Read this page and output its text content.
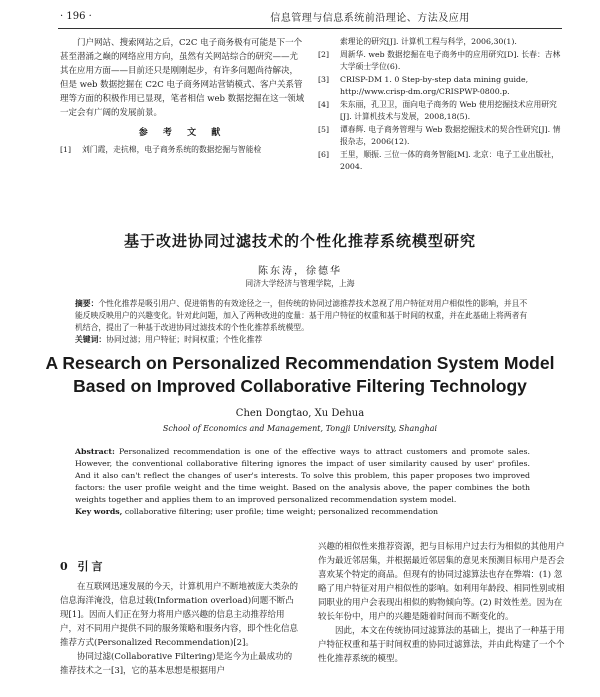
· 196 ·	信息管理与信息系统前沿理论、方法及应用

门户网站、搜索网站之后，C2C 电子商务极有可能是下一个甚至潜涌之巅的网络应用方向，虽然有关网站综合的研究——尤其在应用方面——目前还只是刚刚起步，有许多问题尚待解决，但是 web 数据挖掘在 C2C 电子商务网站营销模式、客户关系管理等方面的积极作用已显现，笔者相信 web 数据挖掘在这一领域一定会有广阔的发展前景。

参 考 文 献
[1]	刘门霞，走抗棉，电子商务系统的数据挖掘与智能检
索理论的研究[J]. 计算机工程与科学，2006,30(1).
[2]	周新华. web 数据挖掘在电子商务中的应用研究[D]. 长春：吉林大学硕士学位(6).
[3]	CRISP-DM 1. 0 Step-by-step data mining guide, http://www.crisp-dm.org/CRISPWP-0800.p.
[4]	朱东丽，孔卫卫，面向电子商务的 Web 使用挖掘技术应用研究[J]. 计算机技术与发展，2008,18(5).
[5]	谭春辉. 电子商务管理与 Web 数据挖掘技术的契合性研究[J]. 情报杂志，2006(12).
[6]	王里，顺振. 三位一体的商务智能[M]. 北京：电子工业出版社，2004.
基于改进协同过滤技术的个性化推荐系统模型研究
陈东涛，徐德华
同济大学经济与管理学院，上海
摘要：个性化推荐是吸引用户、促进销售的有效途径之一，但传统的协同过滤推荐技术忽视了用户特征对用户相似性的影响，并且不能反映反映用户的兴趣变化。针对此问题，加入了两种改进的度量：基于用户特征的权重和基于时间的权重，并在此基础上将两者有机结合，提出了一种基于改进协同过滤技术的个性化推荐系统模型。
关键词：协同过滤；用户特征；时间权重；个性化推荐
A Research on Personalized Recommendation System Model
Based on Improved Collaborative Filtering Technology
Chen Dongtao, Xu Dehua
School of Economics and Management, Tongji University, Shanghai
Abstract: Personalized recommendation is one of the effective ways to attract customers and promote sales. However, the conventional collaborative filtering ignores the impact of user similarity caused by user' profiles. And it also can't reflect the changes of user's interests. To solve this problem, this paper proposes two improved factors: the user profile weight and the time weight. Based on the analysis above, the paper combines the both weights together and applies them to an improved personalized recommendation system model.
Key words, collaborative filtering; user profile; time weight; personalized recommendation
0 引言

在互联网迅速发展的今天，计算机用户不断地被庞大类杂的信息海洋淹没，信息过载(Information overload)问题不断凸现[1]。因而人们正在努力将用户感兴趣的信息主动推荐给用户，对不同用户提供不同的服务策略和服务内容，即个性化信息推荐方式(Personalized Recommendation)[2]。

协同过滤(Collaborative Filtering)是迄今为止最成功的推荐技术之一[3]，它的基本思想是根据用户

兴趣的相似性来推荐资源，把与目标用户过去行为相似的其他用户作为最近邻居集，并根据最近邻居集的意见来预测目标用户是否会喜欢某个特定的商品。但现有的协同过滤算法也存在弊端：(1) 忽略了用户特征对用户相似性的影响。如利用年龄段、相同性别或相同职业的用户会表现出相似的购物倾向等。(2) 时效性差。因为在较长年份中，用户的兴趣是随着时间而不断变化的。

因此，本文在传统协同过滤算法的基础上，提出了一种基于用户特征权重和基于时间权重的协同过滤算法，并由此构建了一个个性化推荐系统的模型。
